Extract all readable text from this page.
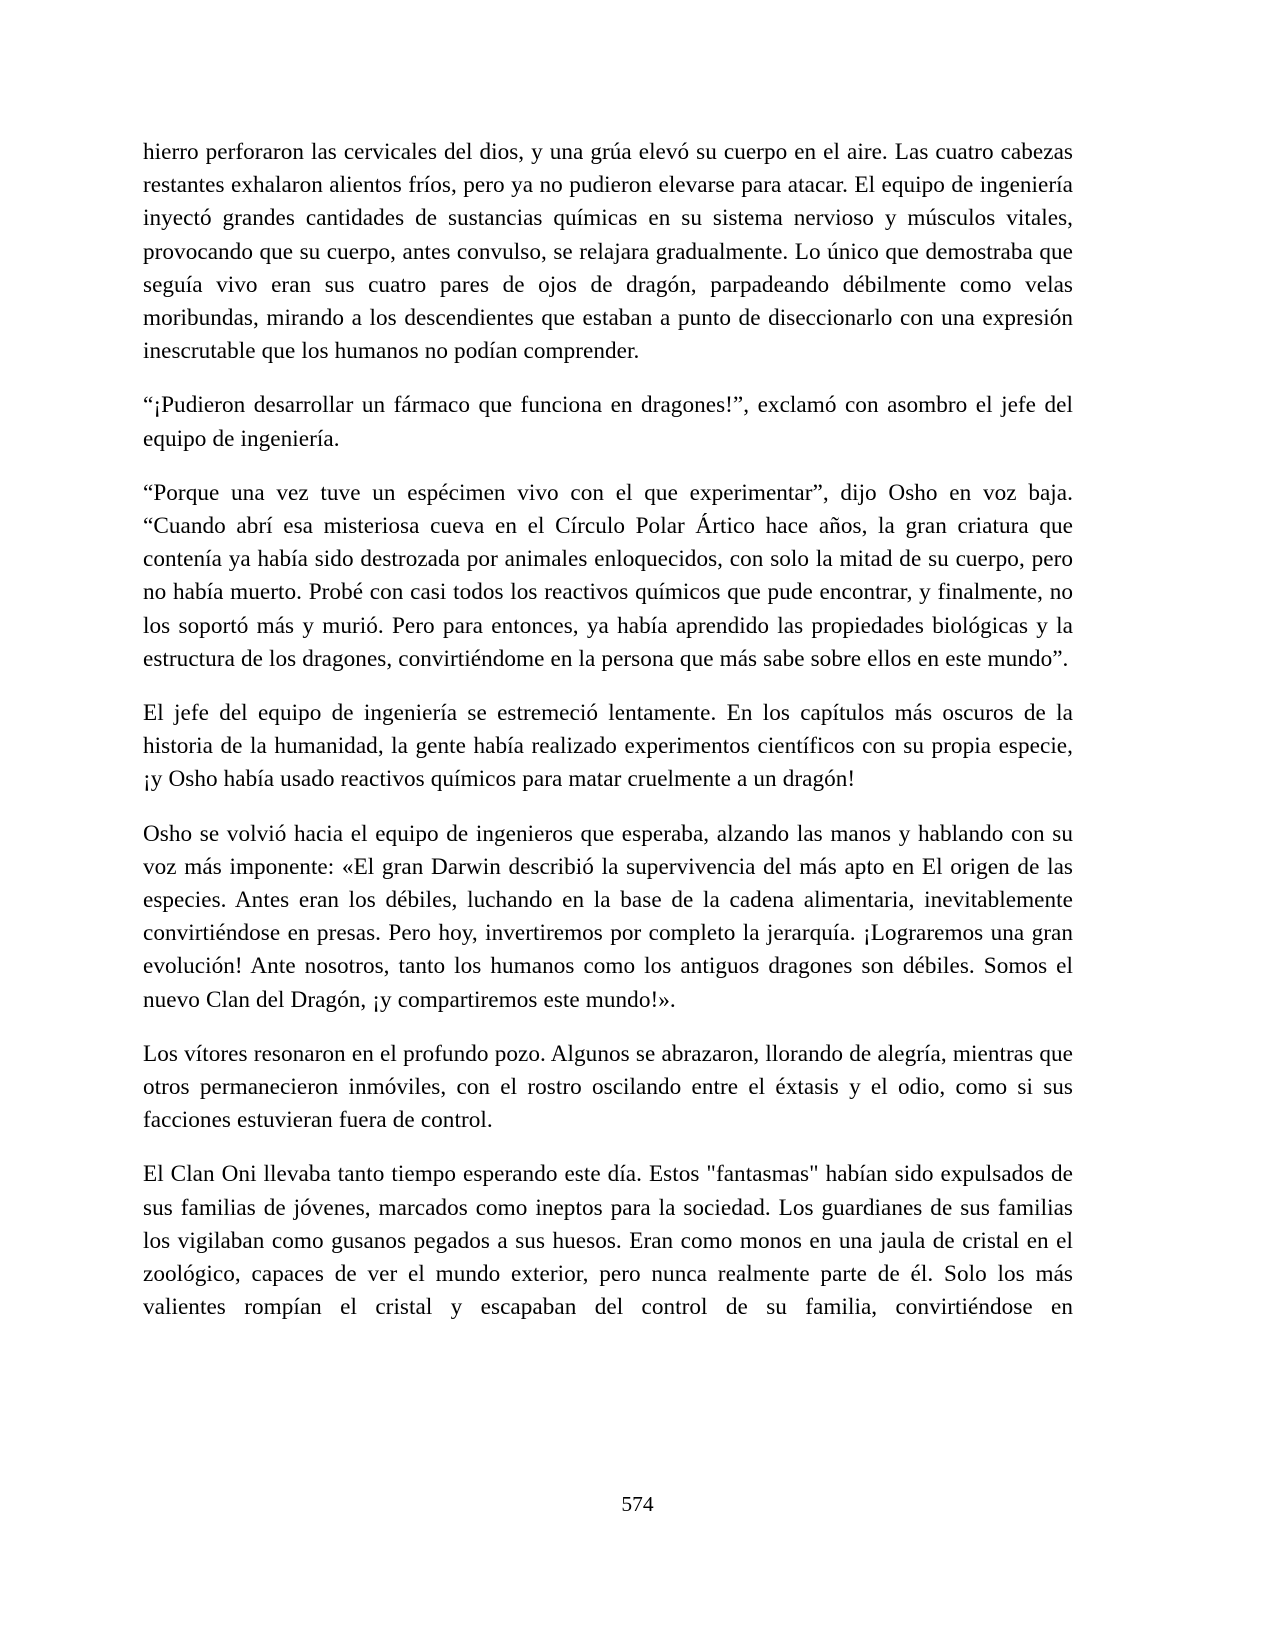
hierro perforaron las cervicales del dios, y una grúa elevó su cuerpo en el aire. Las cuatro cabezas restantes exhalaron alientos fríos, pero ya no pudieron elevarse para atacar. El equipo de ingeniería inyectó grandes cantidades de sustancias químicas en su sistema nervioso y músculos vitales, provocando que su cuerpo, antes convulso, se relajara gradualmente. Lo único que demostraba que seguía vivo eran sus cuatro pares de ojos de dragón, parpadeando débilmente como velas moribundas, mirando a los descendientes que estaban a punto de diseccionarlo con una expresión inescrutable que los humanos no podían comprender.

“¡Pudieron desarrollar un fármaco que funciona en dragones!”, exclamó con asombro el jefe del equipo de ingeniería.

“Porque una vez tuve un espécimen vivo con el que experimentar”, dijo Osho en voz baja. “Cuando abrí esa misteriosa cueva en el Círculo Polar Ártico hace años, la gran criatura que contenía ya había sido destrozada por animales enloquecidos, con solo la mitad de su cuerpo, pero no había muerto. Probé con casi todos los reactivos químicos que pude encontrar, y finalmente, no los soportó más y murió. Pero para entonces, ya había aprendido las propiedades biológicas y la estructura de los dragones, convirtiéndome en la persona que más sabe sobre ellos en este mundo”.

El jefe del equipo de ingeniería se estremeció lentamente. En los capítulos más oscuros de la historia de la humanidad, la gente había realizado experimentos científicos con su propia especie, ¡y Osho había usado reactivos químicos para matar cruelmente a un dragón!

Osho se volvió hacia el equipo de ingenieros que esperaba, alzando las manos y hablando con su voz más imponente: «El gran Darwin describió la supervivencia del más apto en El origen de las especies. Antes eran los débiles, luchando en la base de la cadena alimentaria, inevitablemente convirtiéndose en presas. Pero hoy, invertiremos por completo la jerarquía. ¡Lograremos una gran evolución! Ante nosotros, tanto los humanos como los antiguos dragones son débiles. Somos el nuevo Clan del Dragón, ¡y compartiremos este mundo!».

Los vítores resonaron en el profundo pozo. Algunos se abrazaron, llorando de alegría, mientras que otros permanecieron inmóviles, con el rostro oscilando entre el éxtasis y el odio, como si sus facciones estuvieran fuera de control.

El Clan Oni llevaba tanto tiempo esperando este día. Estos "fantasmas" habían sido expulsados de sus familias de jóvenes, marcados como ineptos para la sociedad. Los guardianes de sus familias los vigilaban como gusanos pegados a sus huesos. Eran como monos en una jaula de cristal en el zoológico, capaces de ver el mundo exterior, pero nunca realmente parte de él. Solo los más valientes rompían el cristal y escapaban del control de su familia, convirtiéndose en

574
